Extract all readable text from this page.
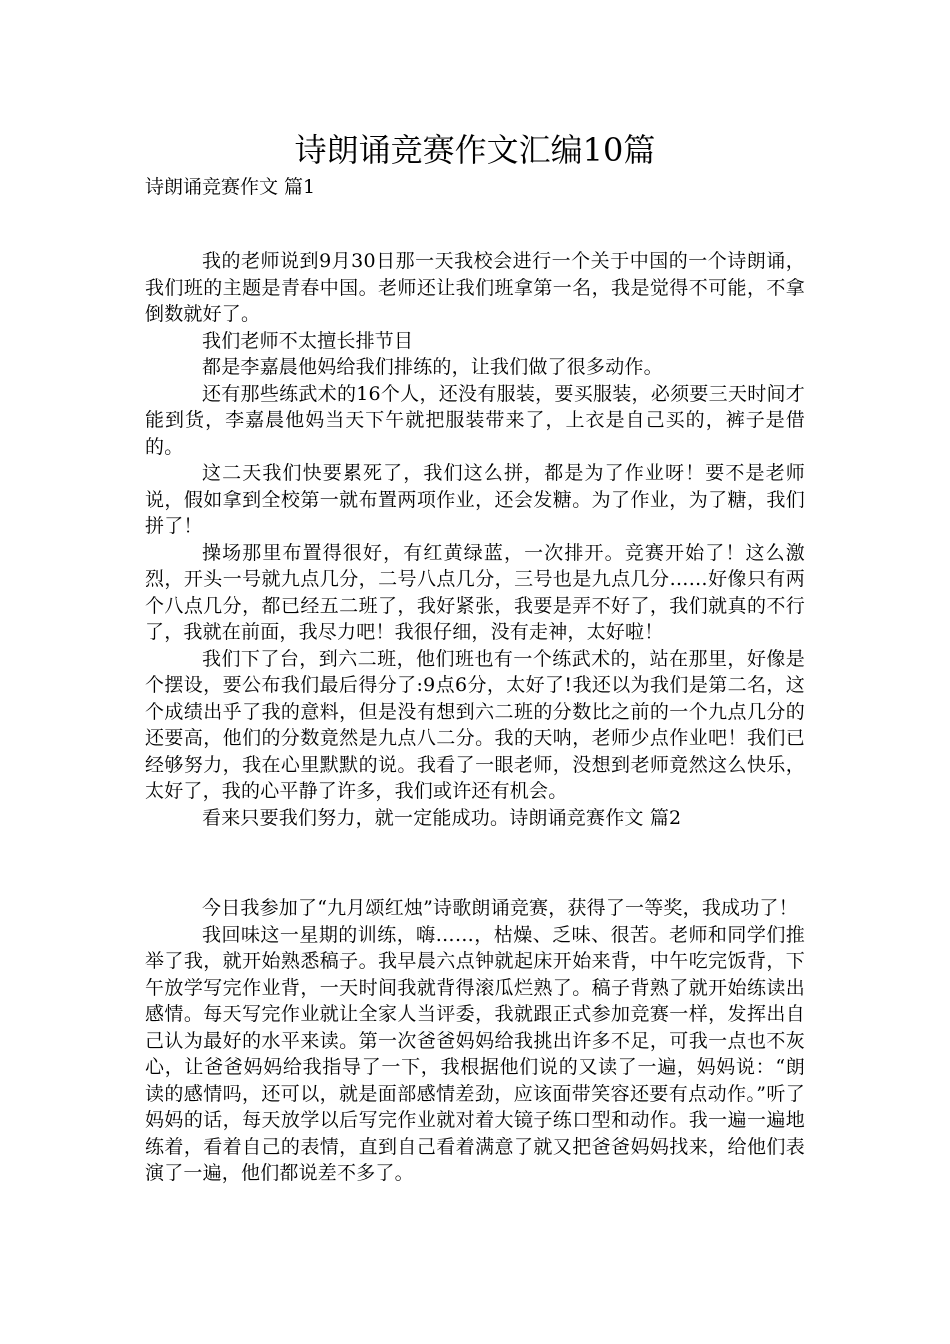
诗朗诵竞赛作文汇编10篇
诗朗诵竞赛作文 篇1

我的老师说到9月30日那一天我校会进行一个关于中国的一个诗朗诵，我们班的主题是青春中国。老师还让我们班拿第一名，我是觉得不可能，不拿倒数就好了。

我们老师不太擅长排节目

都是李嘉晨他妈给我们排练的，让我们做了很多动作。

还有那些练武术的16个人，还没有服装，要买服装，必须要三天时间才能到货，李嘉晨他妈当天下午就把服装带来了，上衣是自己买的，裤子是借的。

这二天我们快要累死了，我们这么拼，都是为了作业呀！要不是老师说，假如拿到全校第一就布置两项作业，还会发糖。为了作业，为了糖，我们拼了！

操场那里布置得很好，有红黄绿蓝，一次排开。竞赛开始了！这么激烈，开头一号就九点几分，二号八点几分，三号也是九点几分……好像只有两个八点几分，都已经五二班了，我好紧张，我要是弄不好了，我们就真的不行了，我就在前面，我尽力吧！我很仔细，没有走神，太好啦！

我们下了台，到六二班，他们班也有一个练武术的，站在那里，好像是个摆设，要公布我们最后得分了:9点6分，太好了!我还以为我们是第二名，这个成绩出乎了我的意料，但是没有想到六二班的分数比之前的一个九点几分的还要高，他们的分数竟然是九点八二分。我的天呐，老师少点作业吧！我们已经够努力，我在心里默默的说。我看了一眼老师，没想到老师竟然这么快乐，太好了，我的心平静了许多，我们或许还有机会。

看来只要我们努力，就一定能成功。诗朗诵竞赛作文 篇2

今日我参加了“九月颂红烛”诗歌朗诵竞赛，获得了一等奖，我成功了！

我回味这一星期的训练，嗨……，枯燥、乏味、很苦。老师和同学们推举了我，就开始熟悉稿子。我早晨六点钟就起床开始来背，中午吃完饭背，下午放学写完作业背，一天时间我就背得滚瓜烂熟了。稿子背熟了就开始练读出感情。每天写完作业就让全家人当评委，我就跟正式参加竞赛一样，发挥出自己认为最好的水平来读。第一次爸爸妈妈给我挑出许多不足，可我一点也不灰心，让爸爸妈妈给我指导了一下，我根据他们说的又读了一遍，妈妈说：“朗读的感情吗，还可以，就是面部感情差劲，应该面带笑容还要有点动作。”听了妈妈的话，每天放学以后写完作业就对着大镜子练口型和动作。我一遍一遍地练着，看着自己的表情，直到自己看着满意了就又把爸爸妈妈找来，给他们表演了一遍，他们都说差不多了。
